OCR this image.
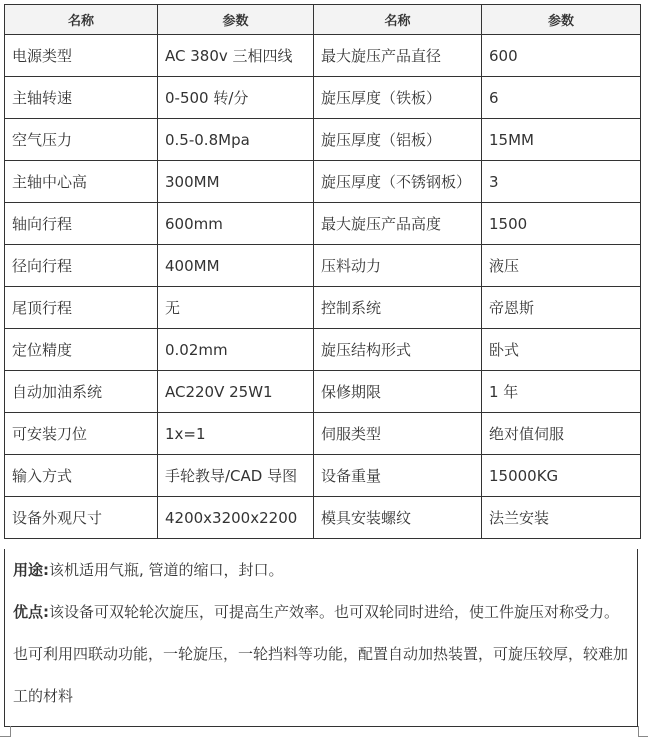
名称	参数	名称	参数
电源类型	AC 380v 三相四线	最大旋压产品直径	600
主轴转速	0-500 转/分	旋压厚度（铁板）	6
空气压力	0.5-0.8Mpa	旋压厚度（铝板）	15MM
主轴中心高	300MM	旋压厚度（不锈钢板）	3
轴向行程	600mm	最大旋压产品高度	1500
径向行程	400MM	压料动力	液压
尾顶行程	无	控制系统	帝恩斯
定位精度	0.02mm	旋压结构形式	卧式
自动加油系统	AC220V 25W1	保修期限	1 年
可安装刀位	1x=1	伺服类型	绝对值伺服
输入方式	手轮教导/CAD 导图	设备重量	15000KG
设备外观尺寸	4200x3200x2200	模具安装螺纹	法兰安装

用途:该机适用气瓶, 管道的缩口，封口。

优点:该设备可双轮轮次旋压，可提高生产效率。也可双轮同时进给，使工件旋压对称受力。也可利用四联动功能，一轮旋压，一轮挡料等功能，配置自动加热装置，可旋压较厚，较难加工的材料
